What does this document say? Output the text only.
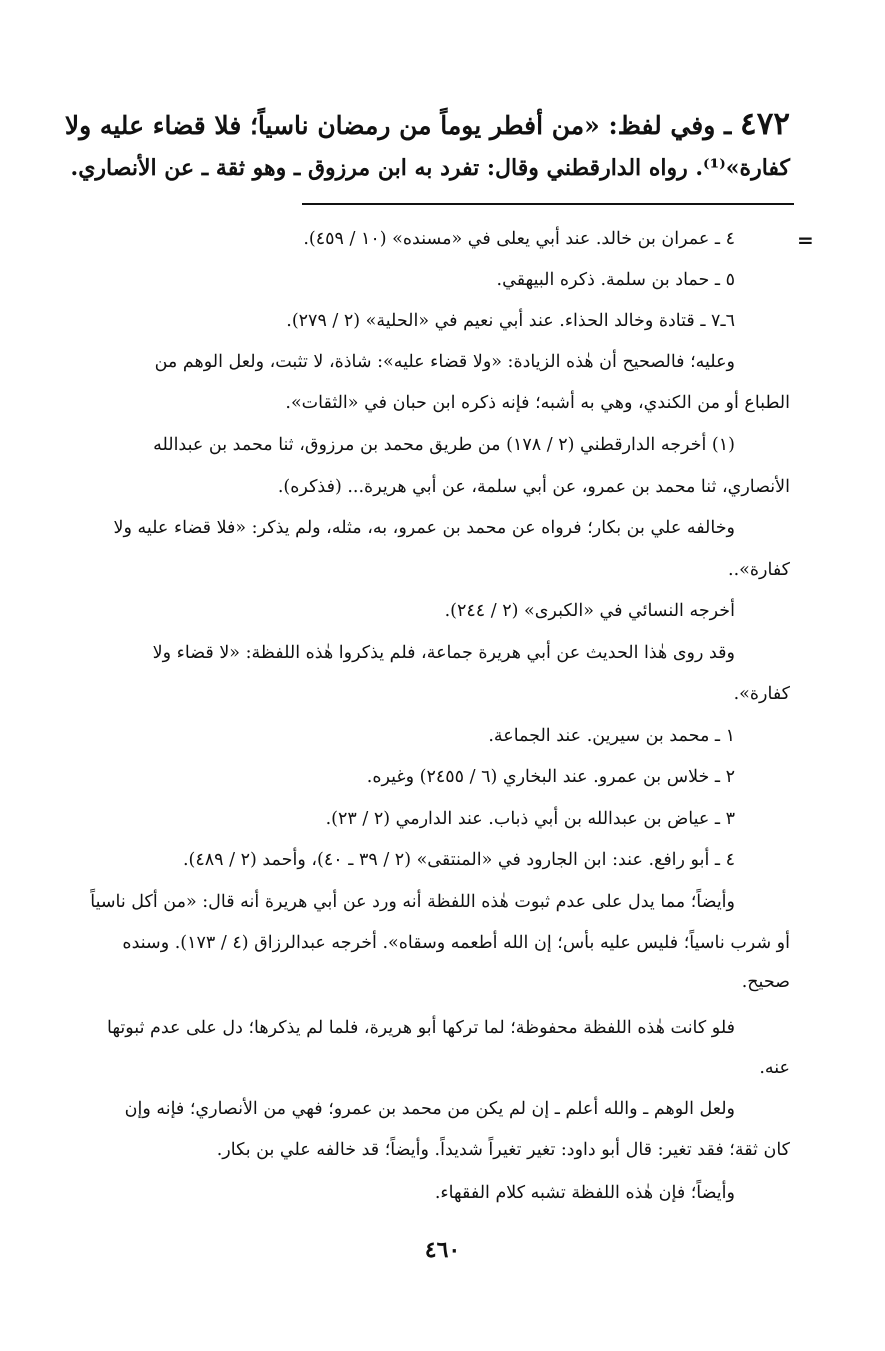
٤٧٢ ـ وفي لفظ: «من أفطر يوماً من رمضان ناسياً؛ فلا قضاء عليه ولا
كفارة»⁽¹⁾. رواه الدارقطني وقال: تفرد به ابن مرزوق ـ وهو ثقة ـ عن الأنصاري.
=
٤ ـ عمران بن خالد. عند أبي يعلى في «مسنده» (١٠ / ٤٥٩).
٥ ـ حماد بن سلمة. ذكره البيهقي.
٦ـ٧ ـ قتادة وخالد الحذاء. عند أبي نعيم في «الحلية» (٢ / ٢٧٩).
وعليه؛ فالصحيح أن هٰذه الزيادة: «ولا قضاء عليه»: شاذة، لا تثبت، ولعل الوهم من
الطباع أو من الكندي، وهي به أشبه؛ فإنه ذكره ابن حبان في «الثقات».
(١) أخرجه الدارقطني (٢ / ١٧٨) من طريق محمد بن مرزوق، ثنا محمد بن عبدالله
الأنصاري، ثنا محمد بن عمرو، عن أبي سلمة، عن أبي هريرة... (فذكره).
وخالفه علي بن بكار؛ فرواه عن محمد بن عمرو، به، مثله، ولم يذكر: «فلا قضاء عليه ولا
كفارة»..
أخرجه النسائي في «الكبرى» (٢ / ٢٤٤).
وقد روى هٰذا الحديث عن أبي هريرة جماعة، فلم يذكروا هٰذه اللفظة: «لا قضاء ولا
كفارة».
١ ـ محمد بن سيرين. عند الجماعة.
٢ ـ خلاس بن عمرو. عند البخاري (٦ / ٢٤٥٥) وغيره.
٣ ـ عياض بن عبدالله بن أبي ذباب. عند الدارمي (٢ / ٢٣).
٤ ـ أبو رافع. عند: ابن الجارود في «المنتقى» (٢ / ٣٩ ـ ٤٠)، وأحمد (٢ / ٤٨٩).
وأيضاً؛ مما يدل على عدم ثبوت هٰذه اللفظة أنه ورد عن أبي هريرة أنه قال: «من أكل ناسياً
أو شرب ناسياً؛ فليس عليه بأس؛ إن الله أطعمه وسقاه». أخرجه عبدالرزاق (٤ / ١٧٣). وسنده
صحيح.
فلو كانت هٰذه اللفظة محفوظة؛ لما تركها أبو هريرة، فلما لم يذكرها؛ دل على عدم ثبوتها
عنه.
ولعل الوهم ـ والله أعلم ـ إن لم يكن من محمد بن عمرو؛ فهي من الأنصاري؛ فإنه وإن
كان ثقة؛ فقد تغير: قال أبو داود: تغير تغيراً شديداً. وأيضاً؛ قد خالفه علي بن بكار.
وأيضاً؛ فإن هٰذه اللفظة تشبه كلام الفقهاء.
٤٦٠
